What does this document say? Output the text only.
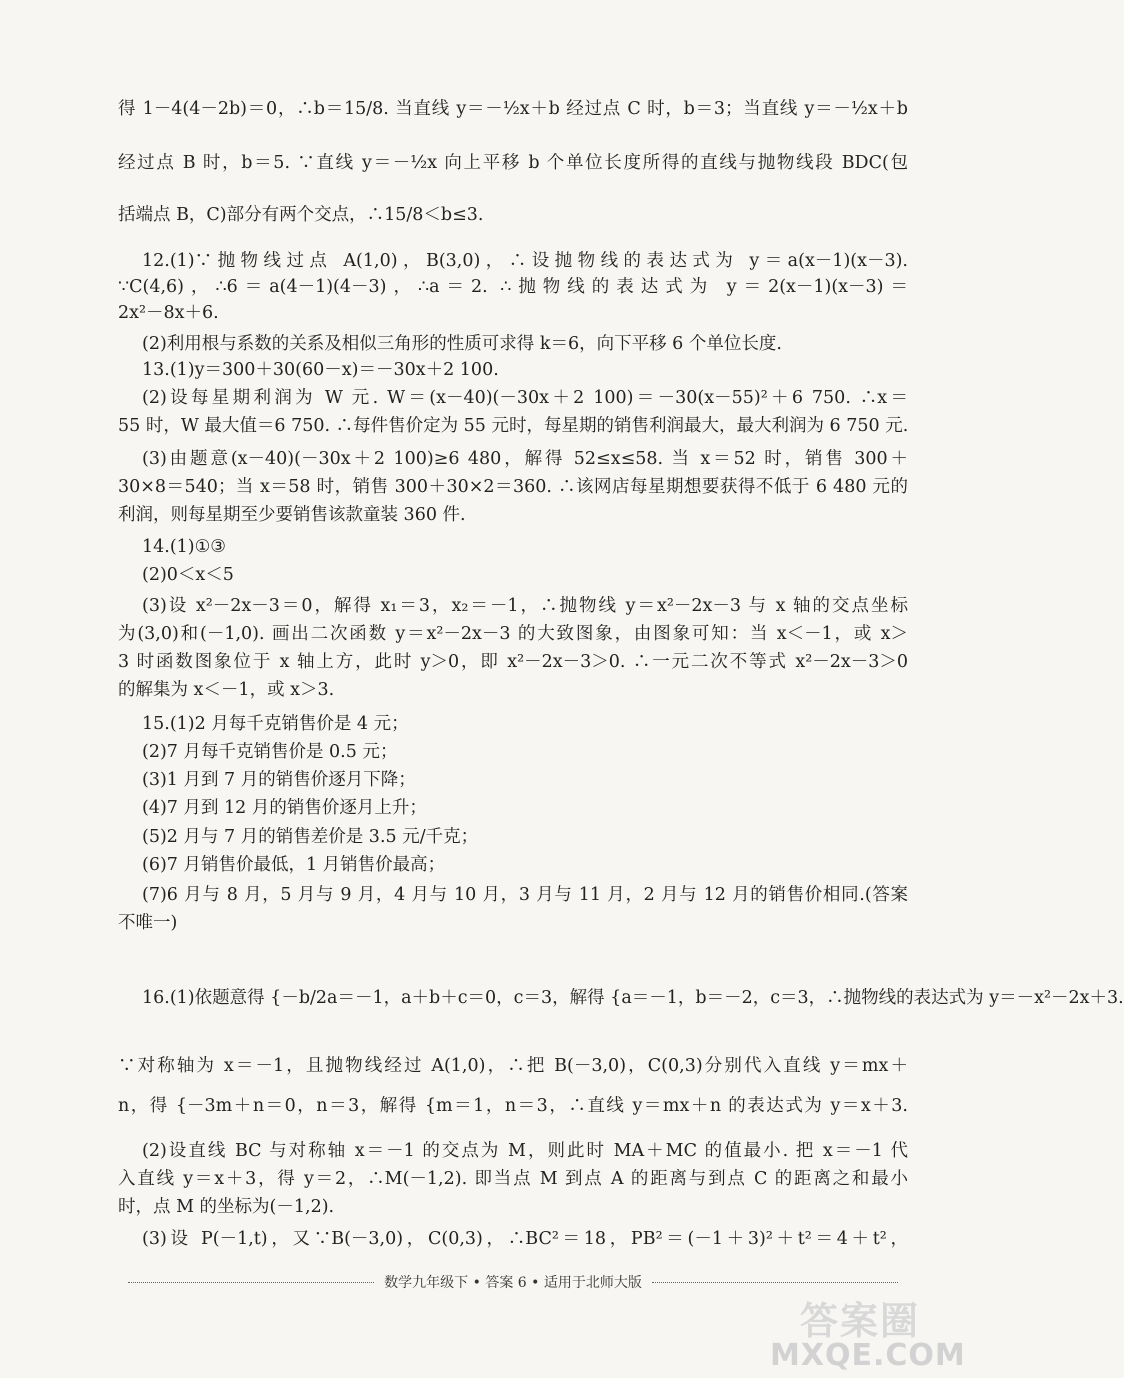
得 1－4(4－2b)＝0，∴b＝15/8. 当直线 y＝－½x＋b 经过点 C 时，b＝3；当直线 y＝－½x＋b
经过点 B 时，b＝5. ∵直线 y＝－½x 向上平移 b 个单位长度所得的直线与抛物线段 BDC(包
括端点 B，C)部分有两个交点，∴15/8＜b≤3.
12.(1)∵抛物线过点 A(1,0)，B(3,0)，∴设抛物线的表达式为 y＝a(x－1)(x－3).
∵C(4,6)，∴6＝a(4－1)(4－3)，∴a＝2. ∴抛物线的表达式为 y＝2(x－1)(x－3)＝
2x²－8x＋6.
(2)利用根与系数的关系及相似三角形的性质可求得 k＝6，向下平移 6 个单位长度.
13.(1)y＝300＋30(60－x)＝－30x＋2 100.
(2)设每星期利润为 W 元. W＝(x－40)(－30x＋2 100)＝－30(x－55)²＋6 750. ∴x＝
55 时，W 最大值＝6 750. ∴每件售价定为 55 元时，每星期的销售利润最大，最大利润为 6 750 元.
(3)由题意(x－40)(－30x＋2 100)≥6 480，解得 52≤x≤58. 当 x＝52 时，销售 300＋
30×8＝540；当 x＝58 时，销售 300＋30×2＝360. ∴该网店每星期想要获得不低于 6 480 元的
利润，则每星期至少要销售该款童装 360 件.
14.(1)①③
(2)0＜x＜5
(3)设 x²－2x－3＝0，解得 x₁＝3，x₂＝－1，∴抛物线 y＝x²－2x－3 与 x 轴的交点坐标
为(3,0)和(－1,0). 画出二次函数 y＝x²－2x－3 的大致图象，由图象可知：当 x＜－1，或 x＞
3 时函数图象位于 x 轴上方，此时 y＞0，即 x²－2x－3＞0. ∴一元二次不等式 x²－2x－3＞0
的解集为 x＜－1，或 x＞3.
15.(1)2 月每千克销售价是 4 元；
(2)7 月每千克销售价是 0.5 元；
(3)1 月到 7 月的销售价逐月下降；
(4)7 月到 12 月的销售价逐月上升；
(5)2 月与 7 月的销售差价是 3.5 元/千克；
(6)7 月销售价最低，1 月销售价最高；
(7)6 月与 8 月，5 月与 9 月，4 月与 10 月，3 月与 11 月，2 月与 12 月的销售价相同.(答案
不唯一)
16.(1)依题意得 {－b/2a＝－1，a＋b＋c＝0，c＝3，解得 {a＝－1，b＝－2，c＝3，∴抛物线的表达式为 y＝－x²－2x＋3.
∵对称轴为 x＝－1，且抛物线经过 A(1,0)，∴把 B(－3,0)，C(0,3)分别代入直线 y＝mx＋
n，得 {－3m＋n＝0，n＝3，解得 {m＝1，n＝3，∴直线 y＝mx＋n 的表达式为 y＝x＋3.
(2)设直线 BC 与对称轴 x＝－1 的交点为 M，则此时 MA＋MC 的值最小. 把 x＝－1 代
入直线 y＝x＋3，得 y＝2，∴M(－1,2). 即当点 M 到点 A 的距离与到点 C 的距离之和最小
时，点 M 的坐标为(－1,2).
(3)设 P(－1,t)，又∵B(－3,0)，C(0,3)，∴BC²＝18，PB²＝(－1＋3)²＋t²＝4＋t²，
数学九年级下 • 答案 6 • 适用于北师大版
答案圈
MXQE.COM
